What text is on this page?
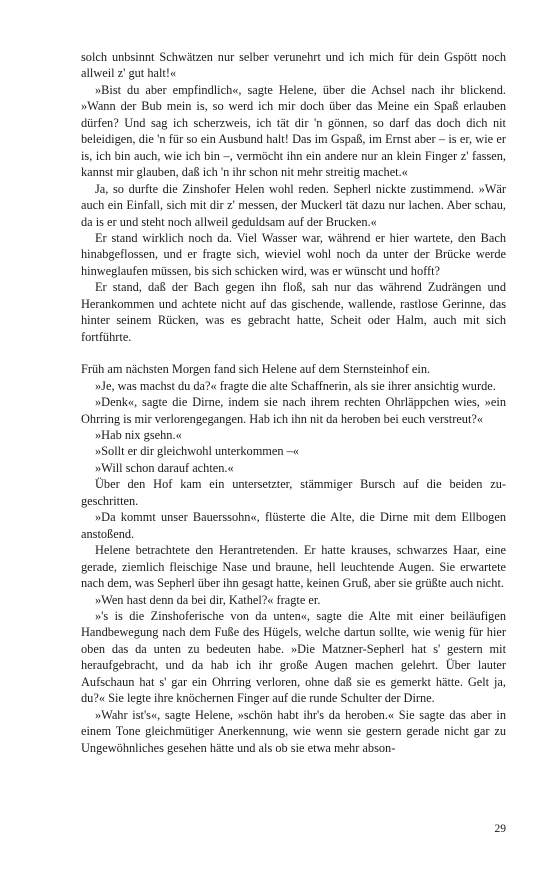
solch unbsinnt Schwätzen nur selber verunehrt und ich mich für dein Gspött noch allweil z' gut halt!«

»Bist du aber empfindlich«, sagte Helene, über die Achsel nach ihr blickend. »Wann der Bub mein is, so werd ich mir doch über das Meine ein Spaß erlauben dürfen? Und sag ich scherzweis, ich tät dir 'n gönnen, so darf das doch dich nit beleidigen, die 'n für so ein Ausbund halt! Das im Gspaß, im Ernst aber – is er, wie er is, ich bin auch, wie ich bin –, vermöcht ihn ein andere nur an klein Finger z' fassen, kannst mir glauben, daß ich 'n ihr schon nit mehr streitig machet.«

Ja, so durfte die Zinshofer Helen wohl reden. Sepherl nickte zustimmend. »Wär auch ein Einfall, sich mit dir z' messen, der Muckerl tät dazu nur lachen. Aber schau, da is er und steht noch allweil geduldsam auf der Brucken.«

Er stand wirklich noch da. Viel Wasser war, während er hier wartete, den Bach hinabgeflossen, und er fragte sich, wieviel wohl noch da unter der Brücke werde hinweglaufen müssen, bis sich schicken wird, was er wünscht und hofft?

Er stand, daß der Bach gegen ihn floß, sah nur das während Zudrängen und Herankommen und achtete nicht auf das gischende, wallende, rastlose Gerinne, das hinter seinem Rücken, was es gebracht hatte, Scheit oder Halm, auch mit sich fortführte.

Früh am nächsten Morgen fand sich Helene auf dem Sternsteinhof ein.

»Je, was machst du da?« fragte die alte Schaffnerin, als sie ihrer ansichtig wurde.

»Denk«, sagte die Dirne, indem sie nach ihrem rechten Ohrläppchen wies, »ein Ohrring is mir verlorengegangen. Hab ich ihn nit da heroben bei euch verstreut?«

»Hab nix gsehn.«

»Sollt er dir gleichwohl unterkommen –«

»Will schon darauf achten.«

Über den Hof kam ein untersetzter, stämmiger Bursch auf die beiden zugeschritten.

»Da kommt unser Bauerssohn«, flüsterte die Alte, die Dirne mit dem Ellbogen anstoßend.

Helene betrachtete den Herantretenden. Er hatte krauses, schwarzes Haar, eine gerade, ziemlich fleischige Nase und braune, hell leuchtende Augen. Sie erwartete nach dem, was Sepherl über ihn gesagt hatte, keinen Gruß, aber sie grüßte auch nicht.

»Wen hast denn da bei dir, Kathel?« fragte er.

»'s is die Zinshoferische von da unten«, sagte die Alte mit einer beiläufigen Handbewegung nach dem Fuße des Hügels, welche dartun sollte, wie wenig für hier oben das da unten zu bedeuten habe. »Die Matzner-Sepherl hat s' gestern mit heraufgebracht, und da hab ich ihr große Augen machen gelehrt. Über lauter Aufschaun hat s' gar ein Ohrring verloren, ohne daß sie es gemerkt hätte. Gelt ja, du?« Sie legte ihre knöchernen Finger auf die runde Schulter der Dirne.

»Wahr ist's«, sagte Helene, »schön habt ihr's da heroben.« Sie sagte das aber in einem Tone gleichmütiger Anerkennung, wie wenn sie gestern gerade nicht gar zu Ungewöhnliches gesehen hätte und als ob sie etwa mehr abson-

29
